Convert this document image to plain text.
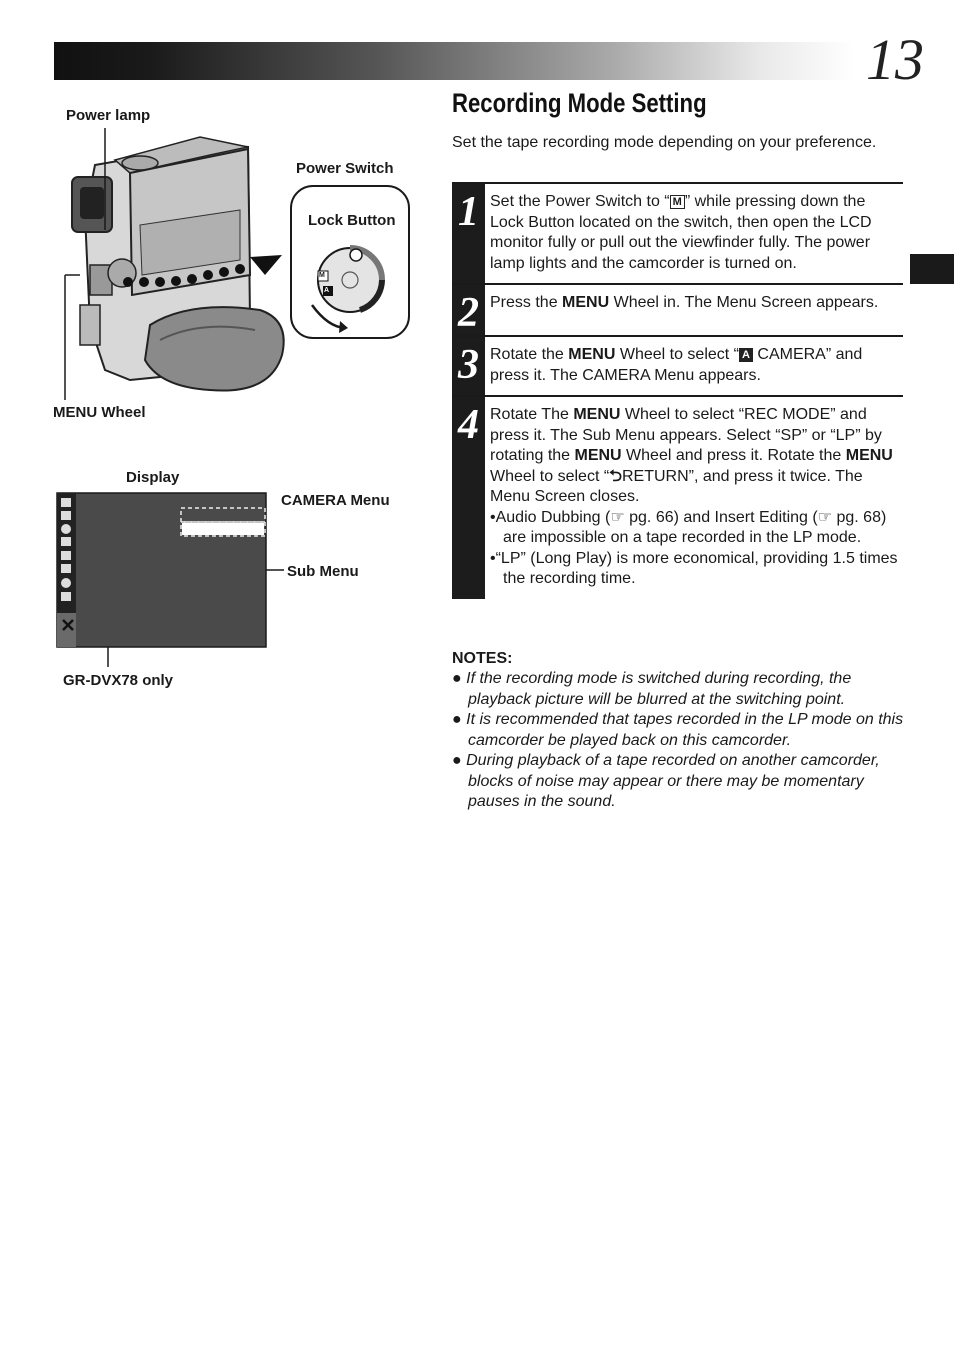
13
M
A
Power lamp
Power Switch
Lock Button
MENU Wheel
Display
CAMERA Menu
Sub Menu
GR-DVX78 only
Recording Mode Setting
Set the tape recording mode depending on your preference.
1 Set the Power Switch to “ M ” while pressing down the Lock Button located on the switch, then open the LCD monitor fully or pull out the viewfinder fully. The power lamp lights and the camcorder is turned on.
2 Press the MENU Wheel in. The Menu Screen appears.
3 Rotate the MENU Wheel to select “ A CAMERA” and press it. The CAMERA Menu appears.
4 Rotate The MENU Wheel to select “REC MODE” and press it. The Sub Menu appears. Select “SP” or “LP” by rotating the MENU Wheel and press it. Rotate the MENU Wheel to select “⮌RETURN”, and press it twice. The Menu Screen closes.
•Audio Dubbing (☞ pg. 66) and Insert Editing (☞ pg. 68) are impossible on a tape recorded in the LP mode.
•“LP” (Long Play) is more economical, providing 1.5 times the recording time.
NOTES:
● If the recording mode is switched during recording, the playback picture will be blurred at the switching point.
● It is recommended that tapes recorded in the LP mode on this camcorder be played back on this camcorder.
● During playback of a tape recorded on another camcorder, blocks of noise may appear or there may be momentary pauses in the sound.
